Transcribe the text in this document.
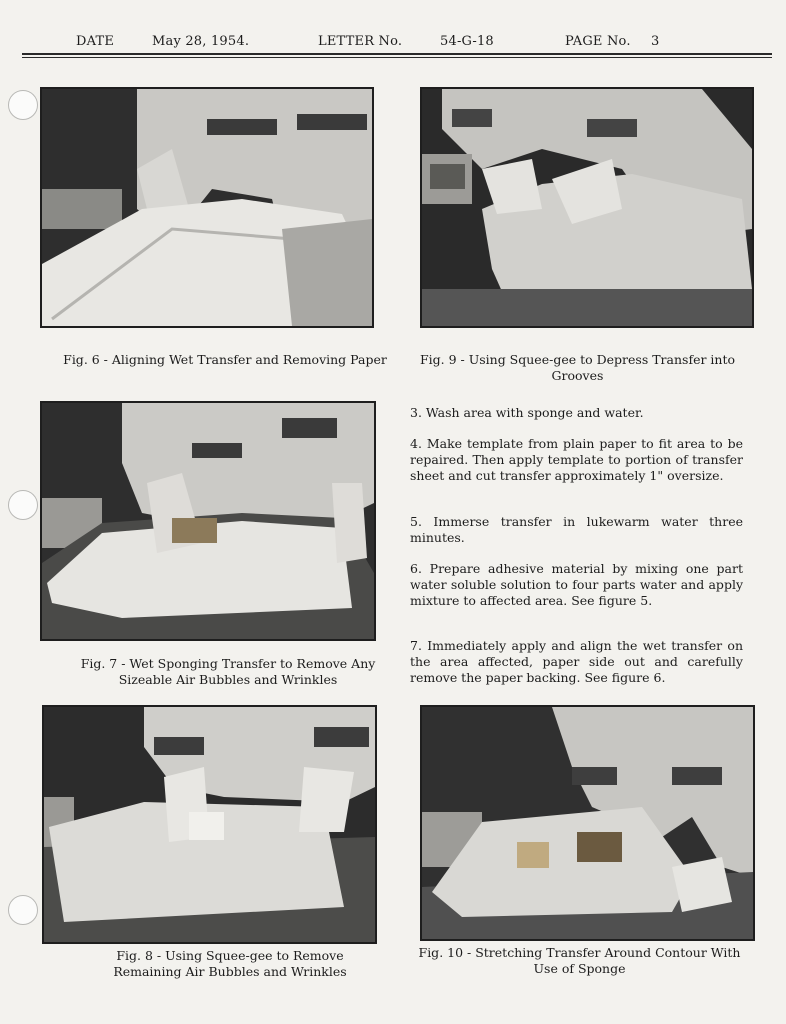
DATE	May 28, 1954.	LETTER No.	54-G-18	PAGE No. 3
Fig. 6 - Aligning Wet Transfer and Removing Paper	Fig. 9 - Using Squee-gee to Depress Transfer into Grooves
Fig. 7 - Wet Sponging Transfer to Remove Any Sizeable Air Bubbles and Wrinkles
3. Wash area with sponge and water.
4. Make template from plain paper to fit area to be repaired. Then apply template to portion of transfer sheet and cut transfer approximately 1" oversize.
5. Immerse transfer in lukewarm water three minutes.
6. Prepare adhesive material by mixing one part water soluble solution to four parts water and apply mixture to affected area. See figure 5.
7. Immediately apply and align the wet transfer on the area affected, paper side out and carefully remove the paper backing. See figure 6.
Fig. 8 - Using Squee-gee to Remove Remaining Air Bubbles and Wrinkles
Fig. 10 - Stretching Transfer Around Contour With Use of Sponge
